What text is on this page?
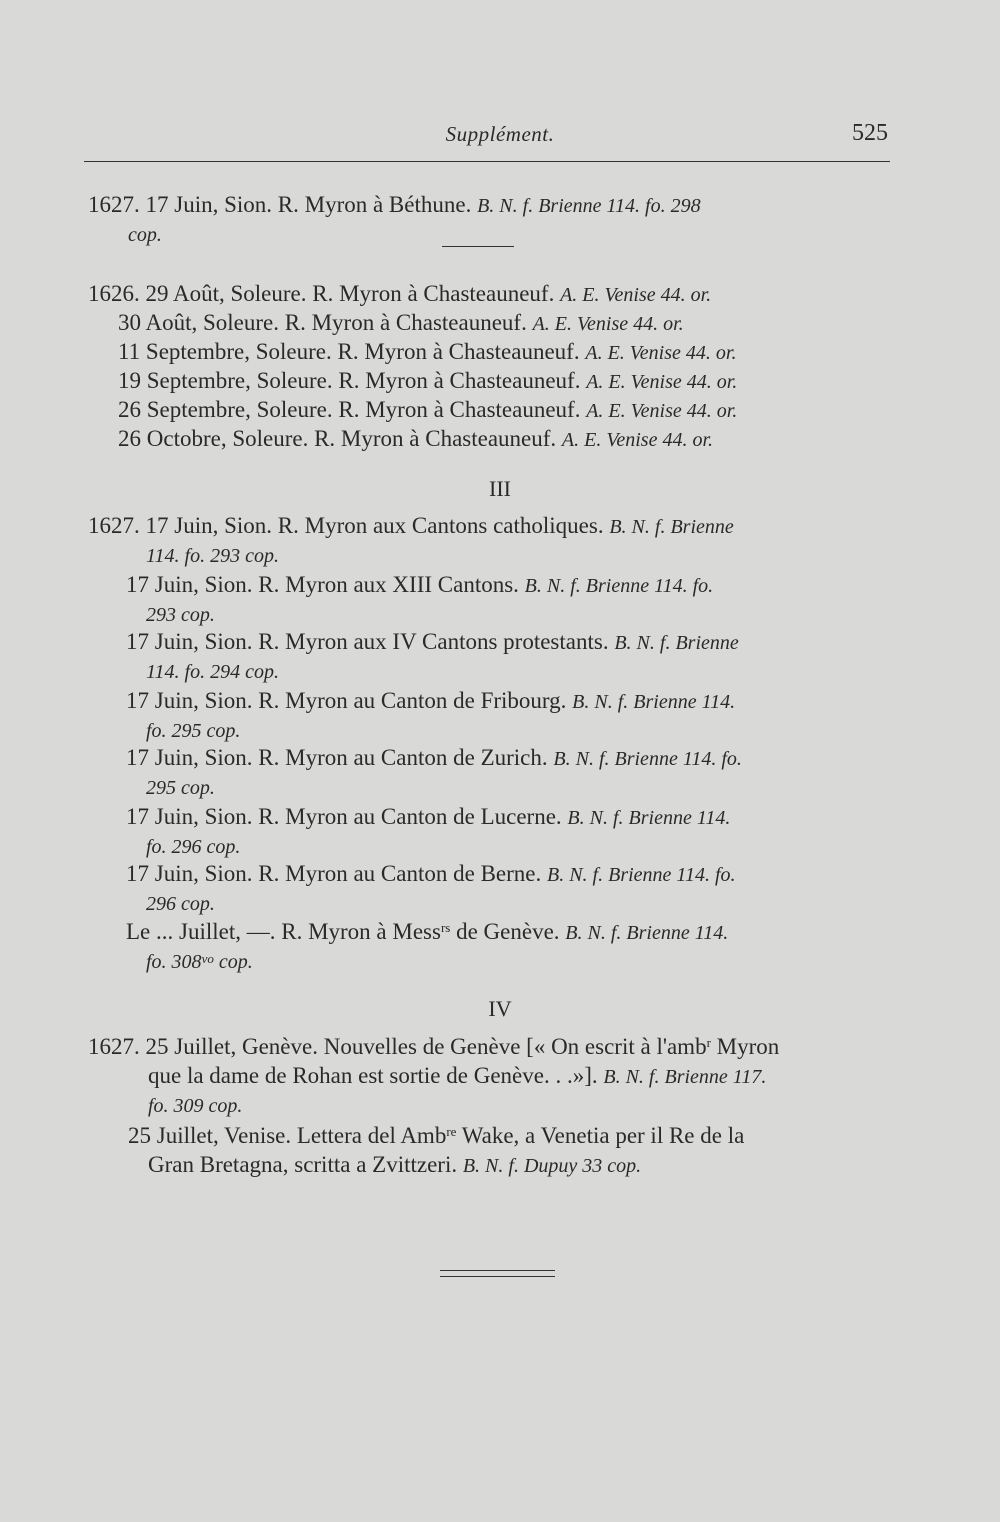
Supplément.	525

1627. 17 Juin, Sion. R. Myron à Béthune. B. N. f. Brienne 114. fo. 298
cop.

1626. 29 Août, Soleure. R. Myron à Chasteauneuf. A. E. Venise 44. or.

30 Août, Soleure. R. Myron à Chasteauneuf. A. E. Venise 44. or.

11 Septembre, Soleure. R. Myron à Chasteauneuf. A. E. Venise 44. or.

19 Septembre, Soleure. R. Myron à Chasteauneuf. A. E. Venise 44. or.

26 Septembre, Soleure. R. Myron à Chasteauneuf. A. E. Venise 44. or.

26 Octobre, Soleure. R. Myron à Chasteauneuf. A. E. Venise 44. or.

III

1627. 17 Juin, Sion. R. Myron aux Cantons catholiques. B. N. f. Brienne
114. fo. 293 cop.

17 Juin, Sion. R. Myron aux XIII Cantons. B. N. f. Brienne 114. fo.
293 cop.

17 Juin, Sion. R. Myron aux IV Cantons protestants. B. N. f. Brienne
114. fo. 294 cop.

17 Juin, Sion. R. Myron au Canton de Fribourg. B. N. f. Brienne 114.
fo. 295 cop.

17 Juin, Sion. R. Myron au Canton de Zurich. B. N. f. Brienne 114. fo.
295 cop.

17 Juin, Sion. R. Myron au Canton de Lucerne. B. N. f. Brienne 114.
fo. 296 cop.

17 Juin, Sion. R. Myron au Canton de Berne. B. N. f. Brienne 114. fo.
296 cop.

Le ... Juillet, —. R. Myron à Mess$^{rs}$ de Genève. B. N. f. Brienne 114.
fo. $308^{vo}$ cop.

IV

1627. 25 Juillet, Genève. Nouvelles de Genève [« On escrit à l'amb$^r$ Myron
que la dame de Rohan est sortie de Genève. . .»]. B. N. f. Brienne 117.
fo. 309 cop.

25 Juillet, Venise. Lettera del Amb$^{re}$ Wake, a Venetia per il Re de la
Gran Bretagna, scritta a Zvittzeri. B. N. f. Dupuy 33 cop.
